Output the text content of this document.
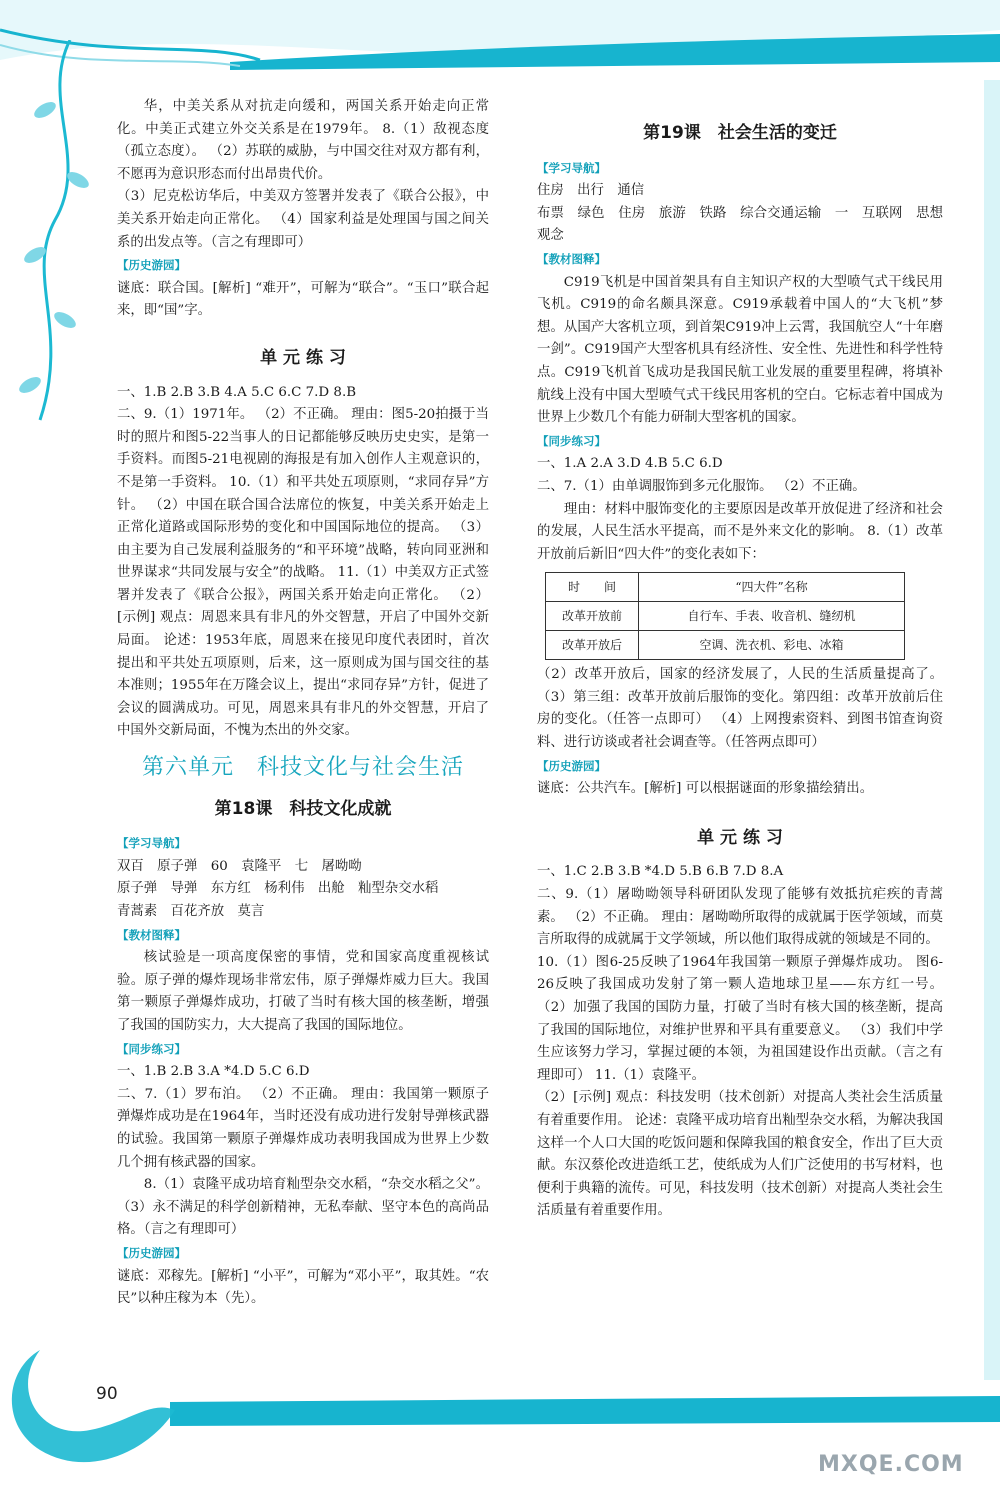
90
MXQE.COM

华，中美关系从对抗走向缓和，两国关系开始走向正常化。中美正式建立外交关系是在1979年。 8.（1）敌视态度（孤立态度）。 （2）苏联的威胁，与中国交往对双方都有利，不愿再为意识形态而付出昂贵代价。

（3）尼克松访华后，中美双方签署并发表了《联合公报》，中美关系开始走向正常化。 （4）国家利益是处理国与国之间关系的出发点等。（言之有理即可）

【历史游园】

谜底：联合国。[解析] “难开”，可解为“联合”。“玉口”联合起来，即“国”字。

单 元 练 习

一、1.B 2.B 3.B 4.A 5.C 6.C 7.D 8.B

二、9.（1）1971年。 （2）不正确。 理由：图5-20拍摄于当时的照片和图5-22当事人的日记都能够反映历史史实，是第一手资料。而图5-21电视剧的海报是有加入创作人主观意识的，不是第一手资料。 10.（1）和平共处五项原则，“求同存异”方针。 （2）中国在联合国合法席位的恢复，中美关系开始走上正常化道路或国际形势的变化和中国国际地位的提高。 （3）由主要为自己发展利益服务的“和平环境”战略，转向同亚洲和世界谋求“共同发展与安全”的战略。 11.（1）中美双方正式签署并发表了《联合公报》，两国关系开始走向正常化。 （2）[示例] 观点：周恩来具有非凡的外交智慧，开启了中国外交新局面。 论述：1953年底，周恩来在接见印度代表团时，首次提出和平共处五项原则，后来，这一原则成为国与国交往的基本准则；1955年在万隆会议上，提出“求同存异”方针，促进了会议的圆满成功。可见，周恩来具有非凡的外交智慧，开启了中国外交新局面，不愧为杰出的外交家。

第六单元　科技文化与社会生活
第18课　科技文化成就
【学习导航】

双百　原子弹　60　袁隆平　七　屠呦呦

原子弹　导弹　东方红　杨利伟　出舱　籼型杂交水稻

青蒿素　百花齐放　莫言

【教材图释】

核试验是一项高度保密的事情，党和国家高度重视核试验。原子弹的爆炸现场非常宏伟，原子弹爆炸威力巨大。我国第一颗原子弹爆炸成功，打破了当时有核大国的核垄断，增强了我国的国防实力，大大提高了我国的国际地位。

【同步练习】

一、1.B 2.B 3.A *4.D 5.C 6.D

二、7.（1）罗布泊。 （2）不正确。 理由：我国第一颗原子弹爆炸成功是在1964年，当时还没有成功进行发射导弹核武器的试验。我国第一颗原子弹爆炸成功表明我国成为世界上少数几个拥有核武器的国家。

8.（1）袁隆平成功培育籼型杂交水稻，“杂交水稻之父”。 （3）永不满足的科学创新精神，无私奉献、坚守本色的高尚品格。（言之有理即可）

【历史游园】

谜底：邓稼先。[解析] “小平”，可解为“邓小平”，取其姓。“农民”以种庄稼为本（先）。

第19课　社会生活的变迁
【学习导航】

住房　出行　通信

布票　绿色　住房　旅游　铁路　综合交通运输　一　互联网　思想观念

【教材图释】

C919飞机是中国首架具有自主知识产权的大型喷气式干线民用飞机。C919的命名颇具深意。C919承载着中国人的“大飞机”梦想。从国产大客机立项，到首架C919冲上云霄，我国航空人“十年磨一剑”。C919国产大型客机具有经济性、安全性、先进性和科学性特点。C919飞机首飞成功是我国民航工业发展的重要里程碑，将填补航线上没有中国大型喷气式干线民用客机的空白。它标志着中国成为世界上少数几个有能力研制大型客机的国家。

【同步练习】

一、1.A 2.A 3.D 4.B 5.C 6.D

二、7.（1）由单调服饰到多元化服饰。 （2）不正确。

理由：材料中服饰变化的主要原因是改革开放促进了经济和社会的发展，人民生活水平提高，而不是外来文化的影响。 8.（1）改革开放前后新旧“四大件”的变化表如下：

时　　间	“四大件”名称
改革开放前	自行车、手表、收音机、缝纫机
改革开放后	空调、洗衣机、彩电、冰箱

（2）改革开放后，国家的经济发展了，人民的生活质量提高了。 （3）第三组：改革开放前后服饰的变化。第四组：改革开放前后住房的变化。（任答一点即可） （4）上网搜索资料、到图书馆查询资料、进行访谈或者社会调查等。（任答两点即可）

【历史游园】

谜底：公共汽车。[解析] 可以根据谜面的形象描绘猜出。

单 元 练 习

一、1.C 2.B 3.B *4.D 5.B 6.B 7.D 8.A

二、9.（1）屠呦呦领导科研团队发现了能够有效抵抗疟疾的青蒿素。 （2）不正确。 理由：屠呦呦所取得的成就属于医学领域，而莫言所取得的成就属于文学领域，所以他们取得成就的领域是不同的。

10.（1）图6-25反映了1964年我国第一颗原子弹爆炸成功。 图6-26反映了我国成功发射了第一颗人造地球卫星——东方红一号。 （2）加强了我国的国防力量，打破了当时有核大国的核垄断，提高了我国的国际地位，对维护世界和平具有重要意义。 （3）我们中学生应该努力学习，掌握过硬的本领，为祖国建设作出贡献。（言之有理即可） 11.（1）袁隆平。

（2）[示例] 观点：科技发明（技术创新）对提高人类社会生活质量有着重要作用。 论述：袁隆平成功培育出籼型杂交水稻，为解决我国这样一个人口大国的吃饭问题和保障我国的粮食安全，作出了巨大贡献。东汉蔡伦改进造纸工艺，使纸成为人们广泛使用的书写材料，也便利于典籍的流传。可见，科技发明（技术创新）对提高人类社会生活质量有着重要作用。
